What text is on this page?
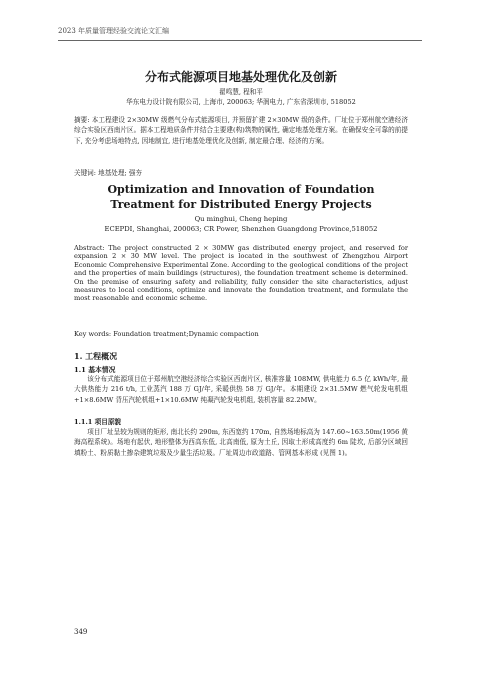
2023 年质量管理经验交流论文汇编
分布式能源项目地基处理优化及创新
翟鸣慧, 程和平
华东电力设计院有限公司, 上海市, 200063; 华润电力, 广东省深圳市, 518052
摘要: 本工程建设 2×30MW 级燃气分布式能源项目, 并预留扩建 2×30MW 级的条件。厂址位于郑州航空港经济综合实验区西南片区。据本工程地质条件并结合主要建(构)筑物的属性, 确定地基处理方案。在确保安全可靠的前提下, 充分考虑场地特点, 因地制宜, 进行地基处理优化及创新, 制定最合理、经济的方案。
关键词: 地基处理; 强夯
Optimization and Innovation of Foundation Treatment for Distributed Energy Projects
Qu minghui, Cheng heping
ECEPDI, Shanghai, 200063; CR Power, Shenzhen Guangdong Province,518052
Abstract: The project constructed 2 × 30MW gas distributed energy project, and reserved for expansion 2 × 30 MW level. The project is located in the southwest of Zhengzhou Airport Economic Comprehensive Experimental Zone. According to the geological conditions of the project and the properties of main buildings (structures), the foundation treatment scheme is determined. On the premise of ensuring safety and reliability, fully consider the site characteristics, adjust measures to local conditions, optimize and innovate the foundation treatment, and formulate the most reasonable and economic scheme.
Key words: Foundation treatment;Dynamic compaction
1. 工程概况
1.1 基本情况
该分布式能源项目位于郑州航空港经济综合实验区西南片区, 核准容量 108MW, 供电能力 6.5 亿 kWh/年, 最大供热能力 216 t/h, 工业蒸汽 188 万 GJ/年, 采暖供热 58 万 GJ/年。本期建设 2×31.5MW 燃气轮发电机组+1×8.6MW 背压汽轮机组+1×10.6MW 纯凝汽轮发电机组, 装机容量 82.2MW。
1.1.1 项目原貌
项目厂址呈较为规则的矩形, 南北长约 290m, 东西宽约 170m, 自然场地标高为 147.60~163.50m(1956 黄海高程系统)。场地有起伏, 地形整体为西高东低, 北高南低, 原为土丘, 因取土形成高度约 6m 陡坎, 后部分区域回填粉土、粉质黏土掺杂建筑垃圾及少量生活垃圾。厂址周边市政道路、管网基本形成 (见图 1)。
349
